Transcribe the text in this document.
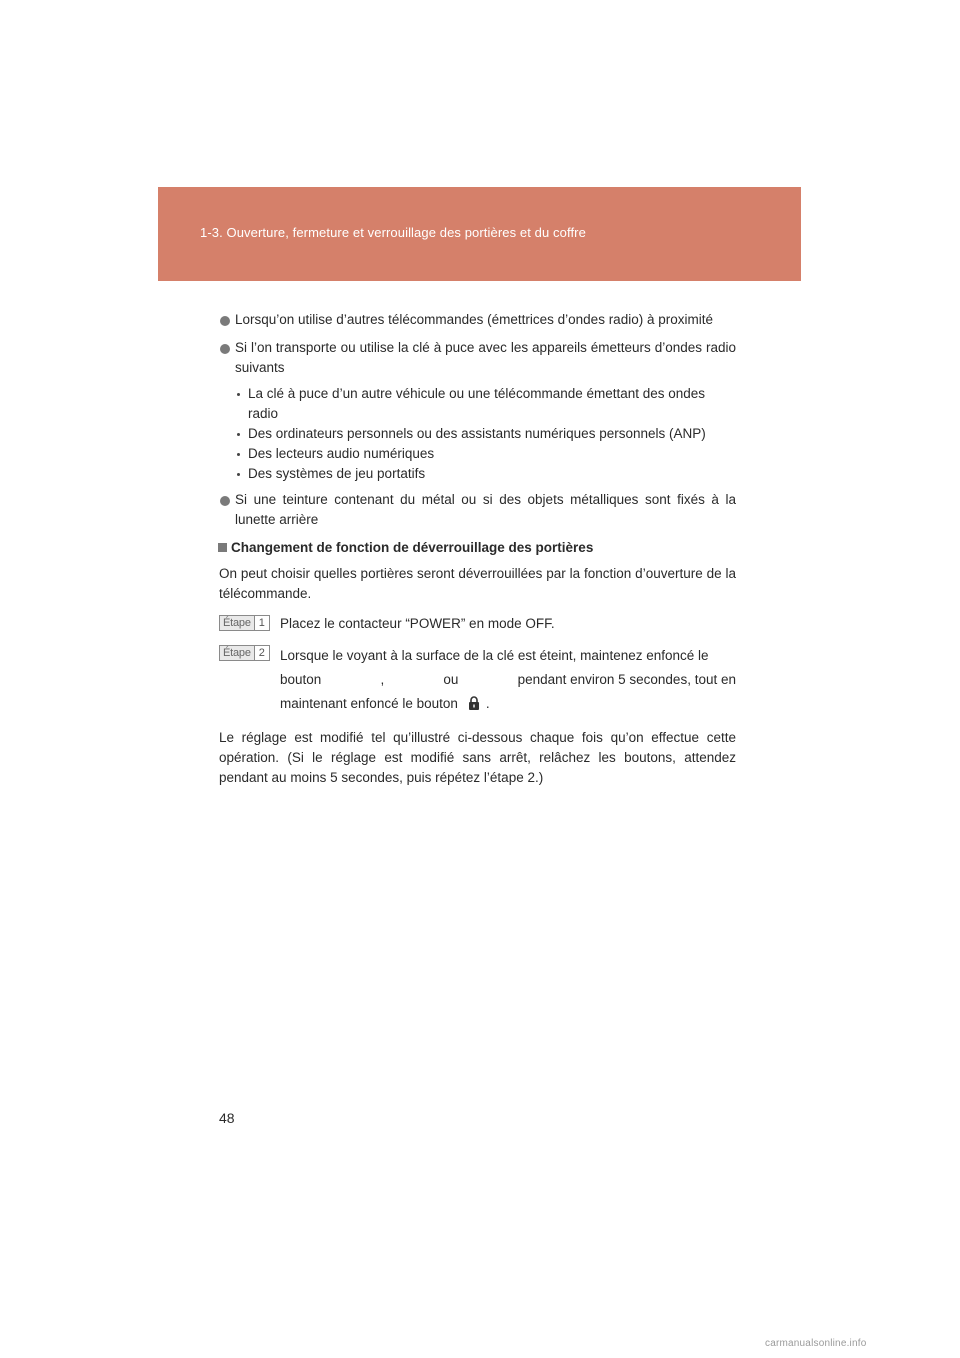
1-3. Ouverture, fermeture et verrouillage des portières et du coffre
Lorsqu’on utilise d’autres télécommandes (émettrices d’ondes radio) à proximité
Si l’on transporte ou utilise la clé à puce avec les appareils émetteurs d’ondes radio suivants
La clé à puce d’un autre véhicule ou une télécommande émettant des ondes radio
Des ordinateurs personnels ou des assistants numériques personnels (ANP)
Des lecteurs audio numériques
Des systèmes de jeu portatifs
Si une teinture contenant du métal ou si des objets métalliques sont fixés à la lunette arrière
Changement de fonction de déverrouillage des portières
On peut choisir quelles portières seront déverrouillées par la fonction d’ouverture de la télécommande.
Étape 1	Placez le contacteur “POWER” en mode OFF.
Étape 2	Lorsque le voyant à la surface de la clé est éteint, maintenez enfoncé le
bouton	,	ou	pendant environ 5 secondes, tout en
maintenant enfoncé le bouton .
Le réglage est modifié tel qu’illustré ci-dessous chaque fois qu’on effectue cette opération. (Si le réglage est modifié sans arrêt, relâchez les boutons, attendez pendant au moins 5 secondes, puis répétez l’étape 2.)
48
carmanualsonline.info
